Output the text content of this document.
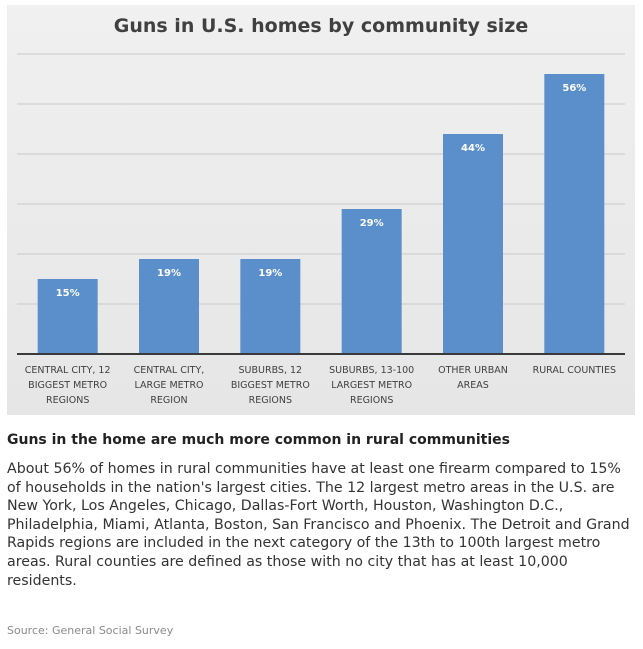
Guns in U.S. homes by community size
15%
CENTRAL CITY, 12 BIGGEST METRO REGIONS
19%
CENTRAL CITY, LARGE METRO REGION
19%
SUBURBS, 12 BIGGEST METRO REGIONS
29%
SUBURBS, 13-100 LARGEST METRO REGIONS
44%
OTHER URBAN AREAS
56%
RURAL COUNTIES
Guns in the home are much more common in rural communities
About 56% of homes in rural communities have at least one firearm compared to 15% of households in the nation's largest cities. The 12 largest metro areas in the U.S. are New York, Los Angeles, Chicago, Dallas-Fort Worth, Houston, Washington D.C., Philadelphia, Miami, Atlanta, Boston, San Francisco and Phoenix. The Detroit and Grand Rapids regions are included in the next category of the 13th to 100th largest metro areas. Rural counties are defined as those with no city that has at least 10,000 residents.
Source: General Social Survey
